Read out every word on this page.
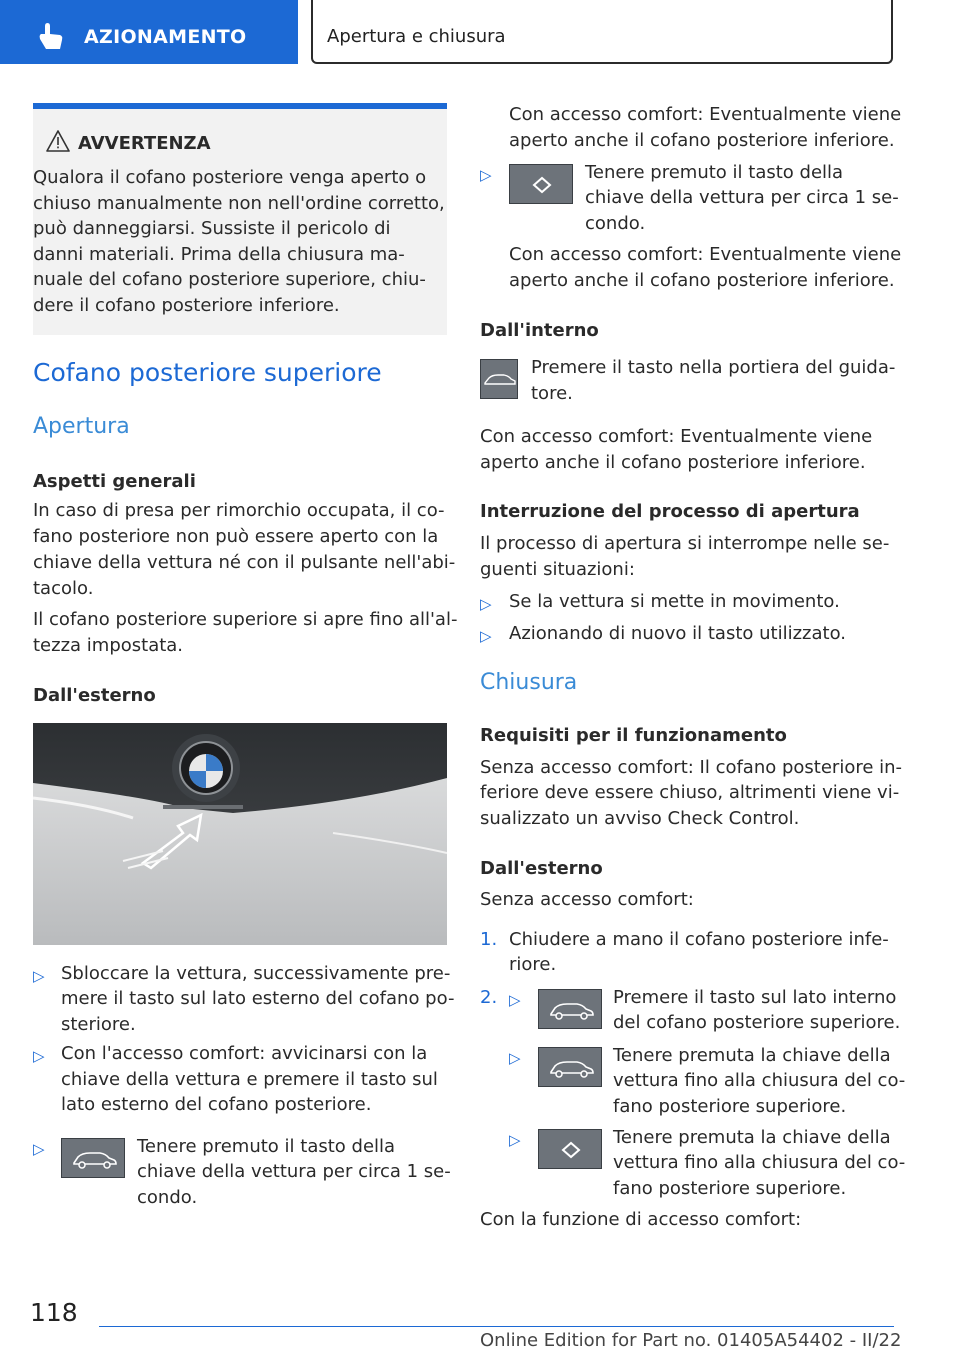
AZIONAMENTO	Apertura e chiusura
AVVERTENZA
Qualora il cofano posteriore venga aperto o
chiuso manualmente non nell'ordine corretto,
può danneggiarsi. Sussiste il pericolo di
danni materiali. Prima della chiusura ma-
nuale del cofano posteriore superiore, chiu-
dere il cofano posteriore inferiore.
Cofano posteriore superiore
Apertura
Aspetti generali
In caso di presa per rimorchio occupata, il co-
fano posteriore non può essere aperto con la
chiave della vettura né con il pulsante nell'abi-
tacolo.
Il cofano posteriore superiore si apre fino all'al-
tezza impostata.
Dall'esterno
▷ Sbloccare la vettura, successivamente pre-
mere il tasto sul lato esterno del cofano po-
steriore.
▷ Con l'accesso comfort: avvicinarsi con la
chiave della vettura e premere il tasto sul
lato esterno del cofano posteriore.
▷	Tenere premuto il tasto della
chiave della vettura per circa 1 se-
condo.
Con accesso comfort: Eventualmente viene
aperto anche il cofano posteriore inferiore.
▷	Tenere premuto il tasto della
chiave della vettura per circa 1 se-
condo.
Con accesso comfort: Eventualmente viene
aperto anche il cofano posteriore inferiore.
Dall'interno
Premere il tasto nella portiera del guida-
tore.
Con accesso comfort: Eventualmente viene
aperto anche il cofano posteriore inferiore.
Interruzione del processo di apertura
Il processo di apertura si interrompe nelle se-
guenti situazioni:
▷ Se la vettura si mette in movimento.
▷ Azionando di nuovo il tasto utilizzato.
Chiusura
Requisiti per il funzionamento
Senza accesso comfort: Il cofano posteriore in-
feriore deve essere chiuso, altrimenti viene vi-
sualizzato un avviso Check Control.
Dall'esterno
Senza accesso comfort:
1. Chiudere a mano il cofano posteriore infe-
riore.
2. ▷	Premere il tasto sul lato interno
del cofano posteriore superiore.
▷	Tenere premuta la chiave della
vettura fino alla chiusura del co-
fano posteriore superiore.
▷	Tenere premuta la chiave della
vettura fino alla chiusura del co-
fano posteriore superiore.
Con la funzione di accesso comfort:
118
Online Edition for Part no. 01405A54402 - II/22
